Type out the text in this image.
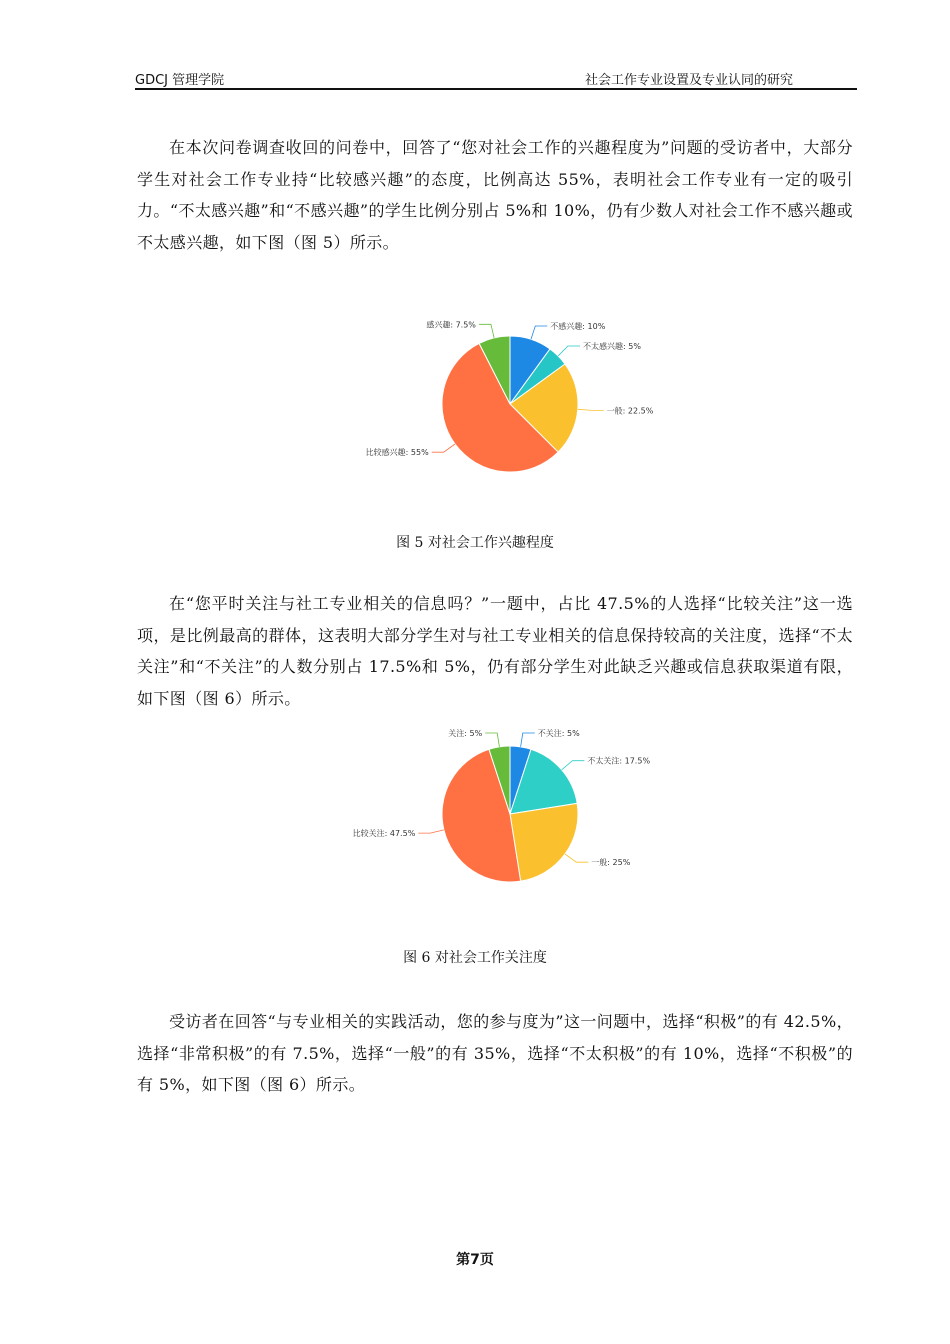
GDCJ 管理学院	社会工作专业设置及专业认同的研究

在本次问卷调查收回的问卷中，回答了“您对社会工作的兴趣程度为”问题的受访者中，大部分学生对社会工作专业持“比较感兴趣”的态度，比例高达 55%，表明社会工作专业有一定的吸引力。“不太感兴趣”和“不感兴趣”的学生比例分别占 5%和 10%，仍有少数人对社会工作不感兴趣或不太感兴趣，如下图（图 5）所示。

不感兴趣: 10%
不太感兴趣: 5%
一般: 22.5%
比较感兴趣: 55%
感兴趣: 7.5%
图 5 对社会工作兴趣程度

在“您平时关注与社工专业相关的信息吗？”一题中，占比 47.5%的人选择“比较关注”这一选项，是比例最高的群体，这表明大部分学生对与社工专业相关的信息保持较高的关注度，选择“不太关注”和“不关注”的人数分别占 17.5%和 5%，仍有部分学生对此缺乏兴趣或信息获取渠道有限，如下图（图 6）所示。

不关注: 5%
不太关注: 17.5%
一般: 25%
比较关注: 47.5%
关注: 5%
图 6 对社会工作关注度

受访者在回答“与专业相关的实践活动，您的参与度为”这一问题中，选择“积极”的有 42.5%，选择“非常积极”的有 7.5%，选择“一般”的有 35%，选择“不太积极”的有 10%，选择“不积极”的有 5%，如下图（图 6）所示。

第7页
